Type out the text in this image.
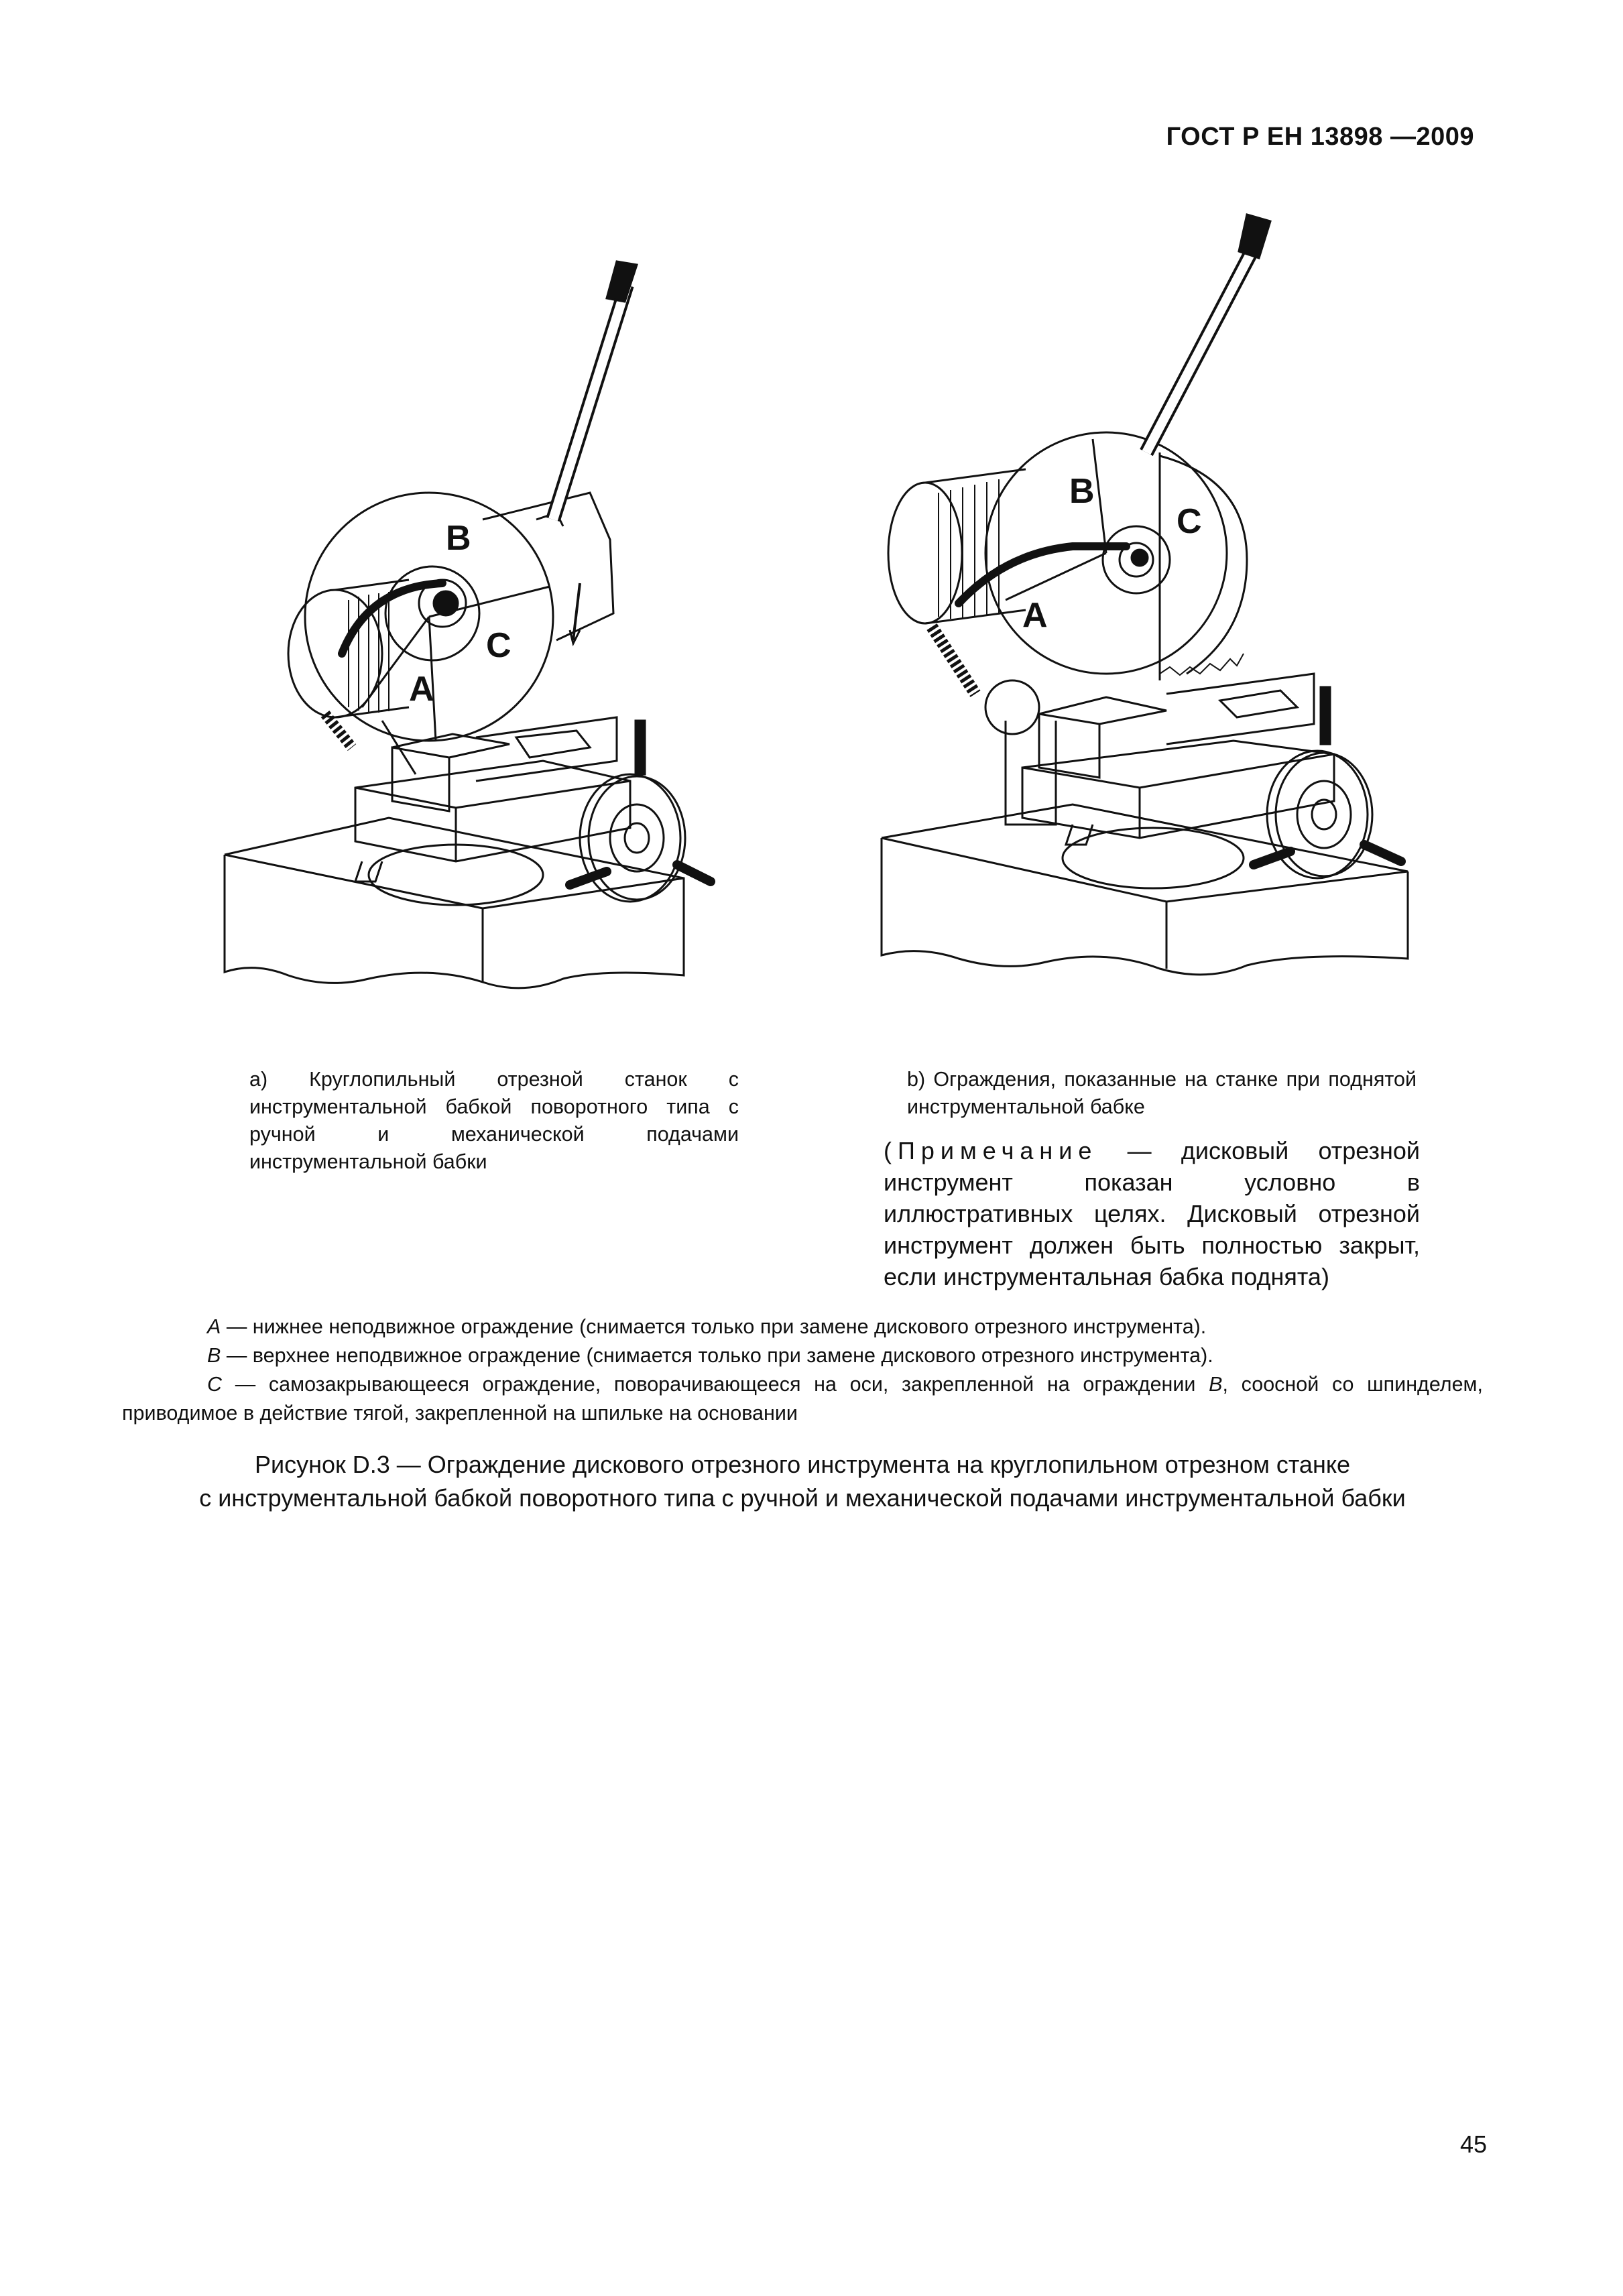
ГОСТ Р ЕН 13898 —2009
B
C
A
B
C
A
a) Круглопильный отрезной станок с инструментальной бабкой поворотного типа с ручной и механической подачами инструментальной бабки
b) Ограждения, показанные на станке при поднятой инструментальной бабке
(Примечание — дисковый отрезной инструмент показан условно в иллюстративных целях. Дисковый отрезной инструмент должен быть полностью закрыт, если инструментальная бабка поднята)
A — нижнее неподвижное ограждение (снимается только при замене дискового отрезного инструмента).
B — верхнее неподвижное ограждение (снимается только при замене дискового отрезного инструмента).
C — самозакрывающееся ограждение, поворачивающееся на оси, закрепленной на ограждении B, соосной со шпинделем, приводимое в действие тягой, закрепленной на шпильке на основании
Рисунок D.3 — Ограждение дискового отрезного инструмента на круглопильном отрезном станке
с инструментальной бабкой поворотного типа с ручной и механической подачами инструментальной бабки
45
